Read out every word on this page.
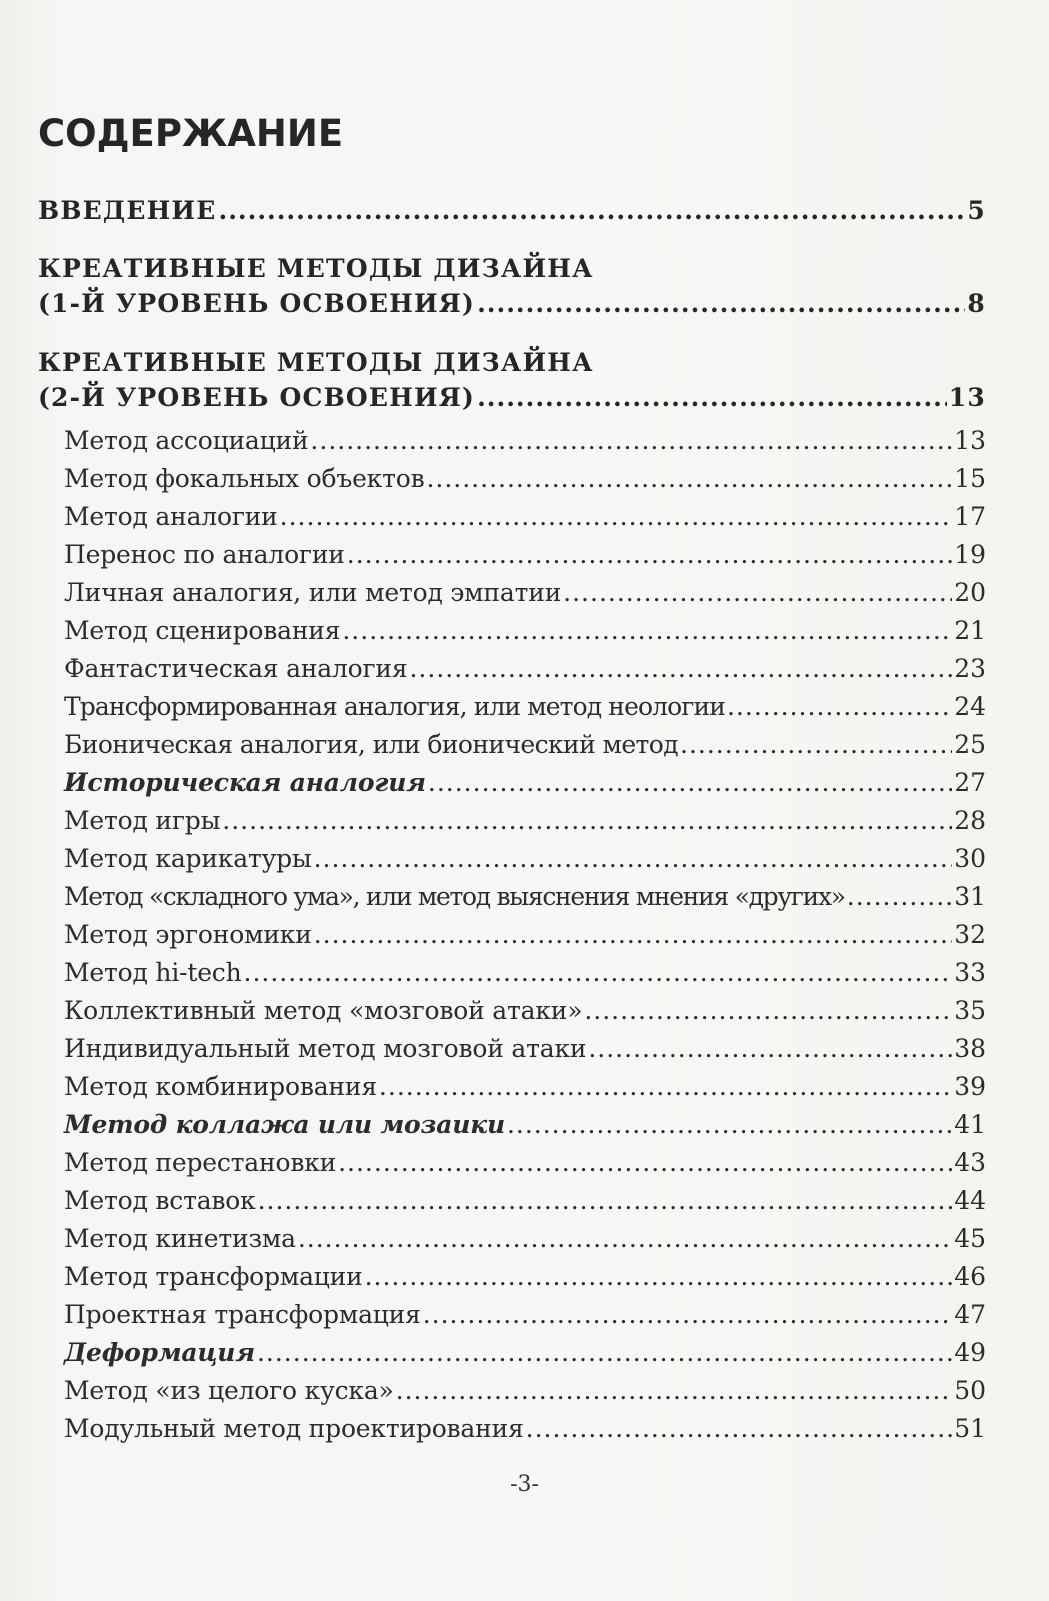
СОДЕРЖАНИЕ
ВВЕДЕНИЕ .....	5
КРЕАТИВНЫЕ МЕТОДЫ ДИЗАЙНА
(1-Й УРОВЕНЬ ОСВОЕНИЯ) .....	8
КРЕАТИВНЫЕ МЕТОДЫ ДИЗАЙНА
(2-Й УРОВЕНЬ ОСВОЕНИЯ) .....	13
Метод ассоциаций .....	13
Метод фокальных объектов .....	15
Метод аналогии .....	17
Перенос по аналогии .....	19
Личная аналогия, или метод эмпатии .....	20
Метод сценирования .....	21
Фантастическая аналогия .....	23
Трансформированная аналогия, или метод неологии .....	24
Бионическая аналогия, или бионический метод .....	25
Историческая аналогия .....	27
Метод игры .....	28
Метод карикатуры .....	30
Метод «складного ума», или метод выяснения мнения «других» .....	31
Метод эргономики .....	32
Метод hi-tech .....	33
Коллективный метод «мозговой атаки» .....	35
Индивидуальный метод мозговой атаки .....	38
Метод комбинирования .....	39
Метод коллажа или мозаики .....	41
Метод перестановки .....	43
Метод вставок .....	44
Метод кинетизма .....	45
Метод трансформации .....	46
Проектная трансформация .....	47
Деформация .....	49
Метод «из целого куска» .....	50
Модульный метод проектирования .....	51
-3-
